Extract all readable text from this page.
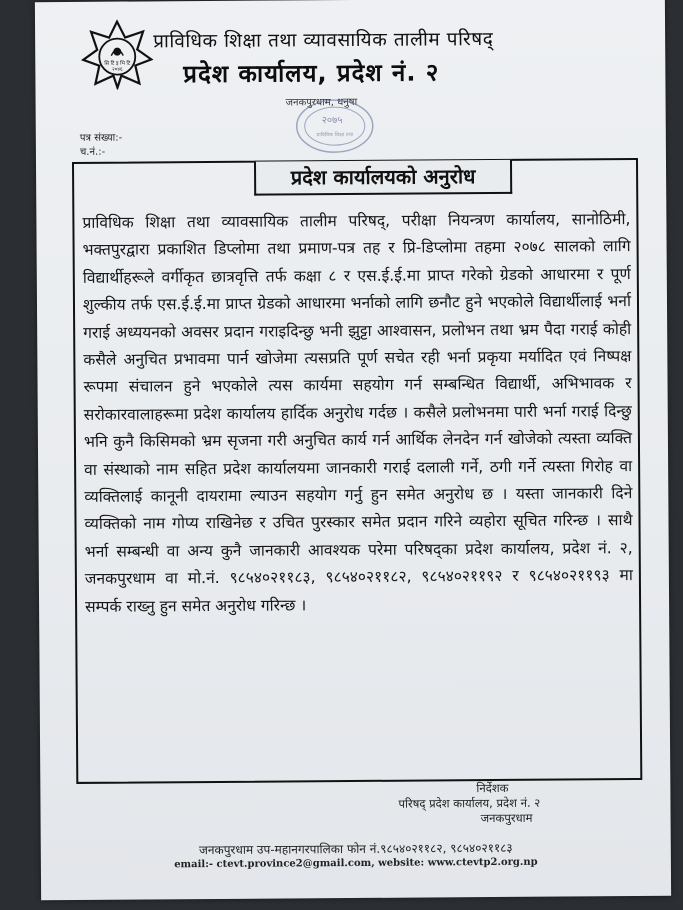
सि टि इ भि टि
२०४६
प्राविधिक शिक्षा तथा व्यावसायिक तालीम परिषद्
प्रदेश कार्यालय, प्रदेश नं. २
जनकपुरधाम, धनुषा
२०७५
प्राविधिक शिक्षा तथा
पत्र संख्या:-
च.नं.:-
प्रदेश कार्यालयको अनुरोध
प्राविधिक शिक्षा तथा व्यावसायिक तालीम परिषद्, परीक्षा नियन्त्रण कार्यालय, सानोठिमी, भक्तपुरद्वारा प्रकाशित डिप्लोमा तथा प्रमाण-पत्र तह र प्रि-डिप्लोमा तहमा २०७८ सालको लागि विद्यार्थीहरूले वर्गीकृत छात्रवृत्ति तर्फ कक्षा ८ र एस.ई.ई.मा प्राप्त गरेको ग्रेडको आधारमा र पूर्ण शुल्कीय तर्फ एस.ई.ई.मा प्राप्त ग्रेडको आधारमा भर्नाको लागि छनौट हुने भएकोले विद्यार्थीलाई भर्ना गराई अध्ययनको अवसर प्रदान गराइदिन्छु भनी झुट्टा आश्वासन, प्रलोभन तथा भ्रम पैदा गराई कोही कसैले अनुचित प्रभावमा पार्न खोजेमा त्यसप्रति पूर्ण सचेत रही भर्ना प्रकृया मर्यादित एवं निष्पक्ष रूपमा संचालन हुने भएकोले त्यस कार्यमा सहयोग गर्न सम्बन्धित विद्यार्थी, अभिभावक र सरोकारवालाहरूमा प्रदेश कार्यालय हार्दिक अनुरोध गर्दछ । कसैले प्रलोभनमा पारी भर्ना गराई दिन्छु भनि कुनै किसिमको भ्रम सृजना गरी अनुचित कार्य गर्न आर्थिक लेनदेन गर्न खोजेको त्यस्ता व्यक्ति वा संस्थाको नाम सहित प्रदेश कार्यालयमा जानकारी गराई दलाली गर्ने, ठगी गर्ने त्यस्ता गिरोह वा व्यक्तिलाई कानूनी दायरामा ल्याउन सहयोग गर्नु हुन समेत अनुरोध छ । यस्ता जानकारी दिने व्यक्तिको नाम गोप्य राखिनेछ र उचित पुरस्कार समेत प्रदान गरिने व्यहोरा सूचित गरिन्छ । साथै भर्ना सम्बन्धी वा अन्य कुनै जानकारी आवश्यक परेमा परिषद्का प्रदेश कार्यालय, प्रदेश नं. २, जनकपुरधाम वा मो.नं. ९८५४०२११८३, ९८५४०२११८२, ९८५४०२११९२ र ९८५४०२११९३ मा सम्पर्क राख्नु हुन समेत अनुरोध गरिन्छ ।
निर्देशक
परिषद् प्रदेश कार्यालय, प्रदेश नं. २
जनकपुरधाम
जनकपुरधाम उप-महानगरपालिका फोन नं.९८५४०२११८२, ९८५४०२११८३
email:- ctevt.province2@gmail.com, website: www.ctevtp2.org.np
